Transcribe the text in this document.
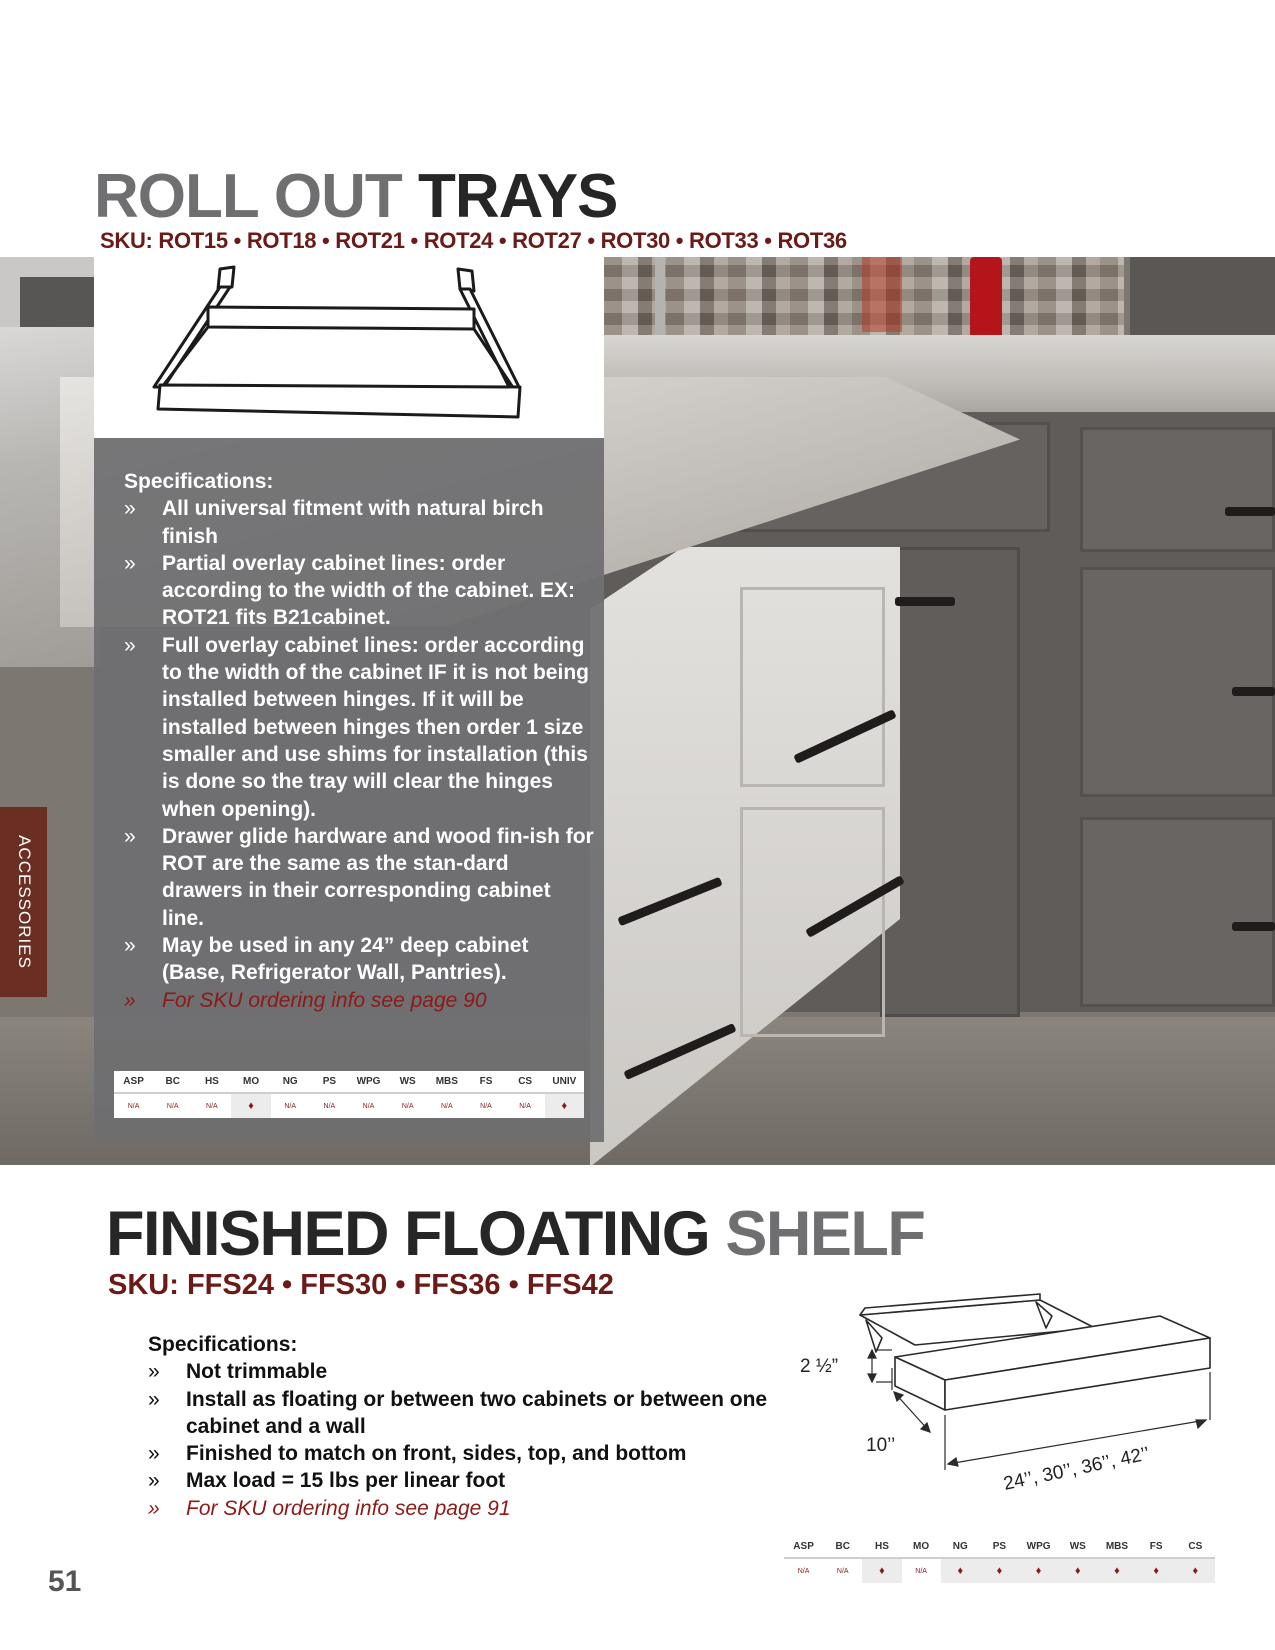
ROLL OUT TRAYS
SKU: ROT15 • ROT18 • ROT21 • ROT24 • ROT27 • ROT30 • ROT33 • ROT36
Specifications:
» All universal fitment with natural birch finish
» Partial overlay cabinet lines: order according to the width of the cabinet. EX: ROT21 fits B21cabinet.
» Full overlay cabinet lines: order according to the width of the cabinet IF it is not being installed between hinges. If it will be installed between hinges then order 1 size smaller and use shims for installation (this is done so the tray will clear the hinges when opening).
» Drawer glide hardware and wood fin-ish for ROT are the same as the stan-dard drawers in their corresponding cabinet line.
» May be used in any 24” deep cabinet (Base, Refrigerator Wall, Pantries).
» For SKU ordering info see page 90
ASP	BC	HS	MO	NG	PS	WPG	WS	MBS	FS	CS	UNIV
N/A	N/A	N/A	♦	N/A	N/A	N/A	N/A	N/A	N/A	N/A	♦
ACCESSORIES
FINISHED FLOATING SHELF
SKU: FFS24 • FFS30 • FFS36 • FFS42
Specifications:
» Not trimmable
» Install as floating or between two cabinets or between one cabinet and a wall
» Finished to match on front, sides, top, and bottom
» Max load = 15 lbs per linear foot
» For SKU ordering info see page 91
2 ½”
10’’	24’’, 30’’, 36’’, 42’’
ASP	BC	HS	MO	NG	PS	WPG	WS	MBS	FS	CS
N/A	N/A	♦	N/A	♦	♦	♦	♦	♦	♦	♦
51
